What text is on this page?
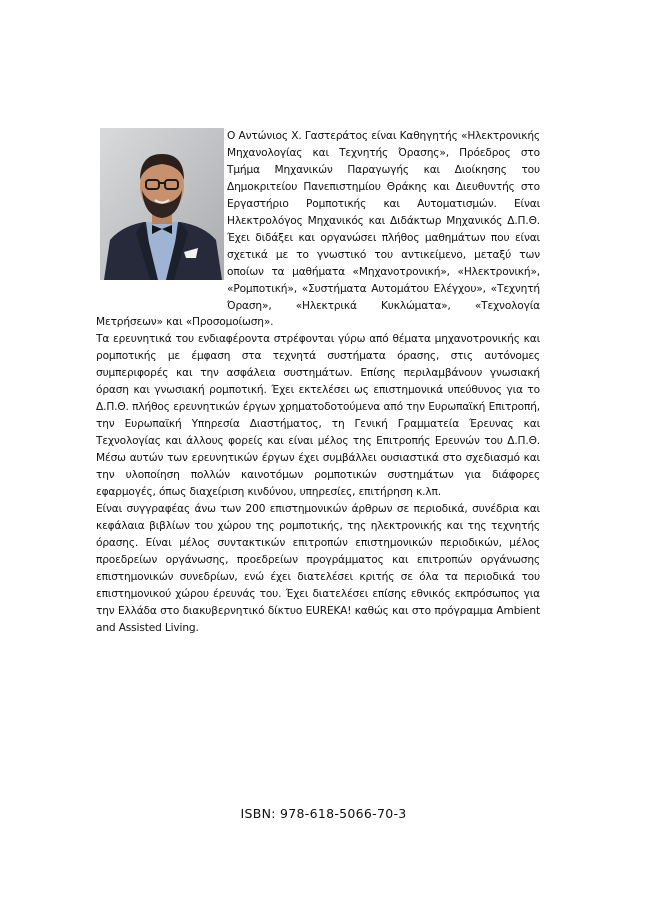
Ο Αντώνιος Χ. Γαστεράτος είναι Καθηγητής «Ηλεκτρονικής Μηχανολογίας και Τεχνητής Όρασης», Πρόεδρος στο Τμήμα Μηχανικών Παραγωγής και Διοίκησης του Δημοκριτείου Πανεπιστημίου Θράκης και Διευθυντής στο Εργαστήριο Ρομποτικής και Αυτοματισμών. Είναι Ηλεκτρολόγος Μηχανικός και Διδάκτωρ Μηχανικός Δ.Π.Θ. Έχει διδάξει και οργανώσει πλήθος μαθημάτων που είναι σχετικά με το γνωστικό του αντικείμενο, μεταξύ των οποίων τα μαθήματα «Μηχανοτρονική», «Ηλεκτρονική», «Ρομποτική», «Συστήματα Αυτομάτου Ελέγχου», «Τεχνητή Όραση», «Ηλεκτρικά Κυκλώματα», «Τεχνολογία Μετρήσεων» και «Προσομοίωση».

Τα ερευνητικά του ενδιαφέροντα στρέφονται γύρω από θέματα μηχανοτρονικής και ρομποτικής με έμφαση στα τεχνητά συστήματα όρασης, στις αυτόνομες συμπεριφορές και την ασφάλεια συστημάτων. Επίσης περιλαμβάνουν γνωσιακή όραση και γνωσιακή ρομποτική. Έχει εκτελέσει ως επιστημονικά υπεύθυνος για το Δ.Π.Θ. πλήθος ερευνητικών έργων χρηματοδοτούμενα από την Ευρωπαϊκή Επιτροπή, την Ευρωπαϊκή Υπηρεσία Διαστήματος, τη Γενική Γραμματεία Έρευνας και Τεχνολογίας και άλλους φορείς και είναι μέλος της Επιτροπής Ερευνών του Δ.Π.Θ. Μέσω αυτών των ερευνητικών έργων έχει συμβάλλει ουσιαστικά στο σχεδιασμό και την υλοποίηση πολλών καινοτόμων ρομποτικών συστημάτων για διάφορες εφαρμογές, όπως διαχείριση κινδύνου, υπηρεσίες, επιτήρηση κ.λπ.

Είναι συγγραφέας άνω των 200 επιστημονικών άρθρων σε περιοδικά, συνέδρια και κεφάλαια βιβλίων του χώρου της ρομποτικής, της ηλεκτρονικής και της τεχνητής όρασης. Είναι μέλος συντακτικών επιτροπών επιστημονικών περιοδικών, μέλος προεδρείων οργάνωσης, προεδρείων προγράμματος και επιτροπών οργάνωσης επιστημονικών συνεδρίων, ενώ έχει διατελέσει κριτής σε όλα τα περιοδικά του επιστημονικού χώρου έρευνάς του. Έχει διατελέσει επίσης εθνικός εκπρόσωπος για την Ελλάδα στο διακυβερνητικό δίκτυο EUREKA! καθώς και στο πρόγραμμα Ambient and Assisted Living.

ISBN: 978-618-5066-70-3
